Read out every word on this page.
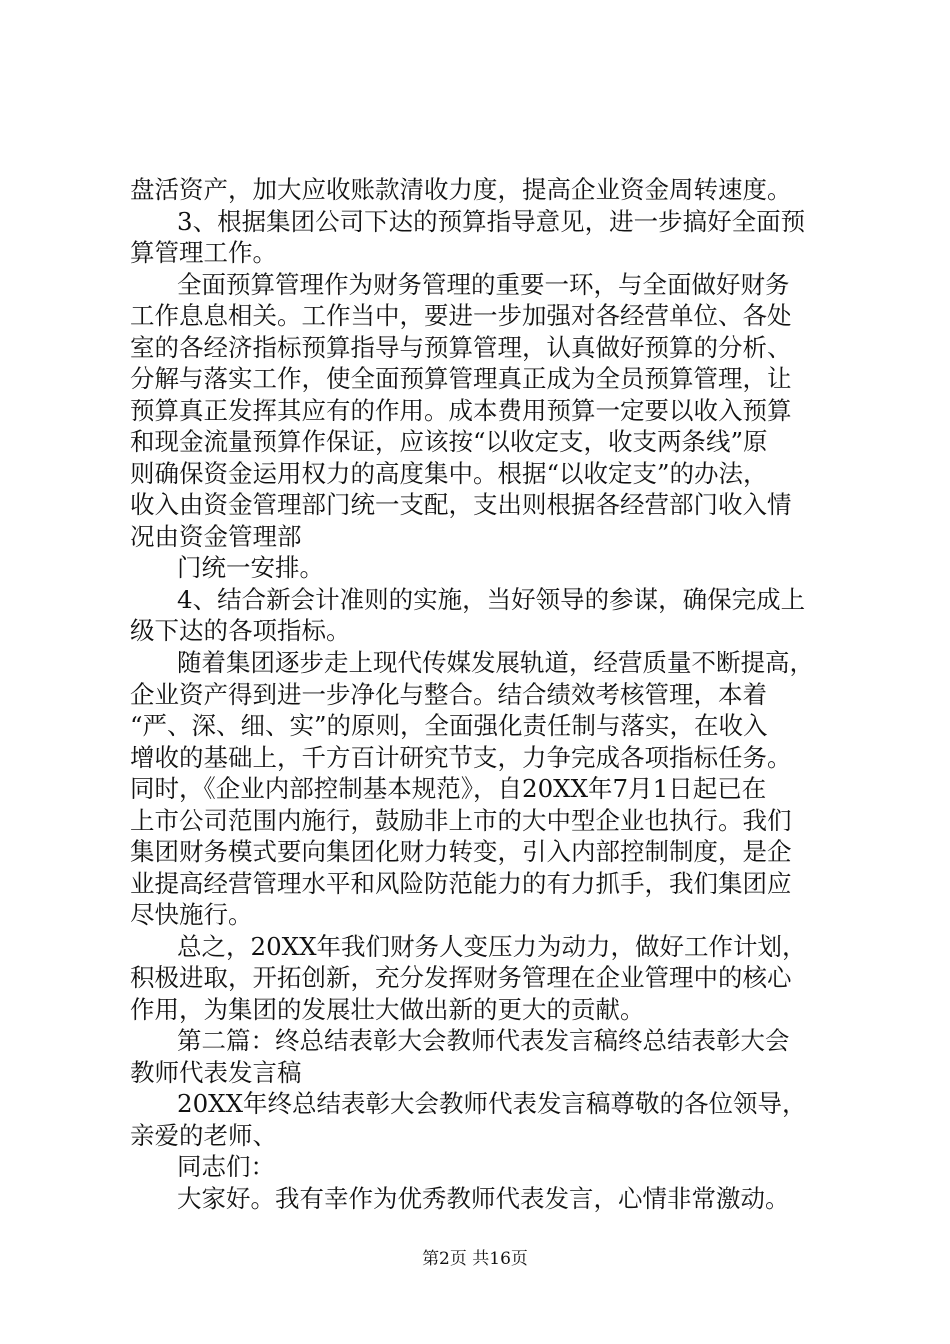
盘活资产，加大应收账款清收力度，提高企业资金周转速度。
3、根据集团公司下达的预算指导意见，进一步搞好全面预
算管理工作。
全面预算管理作为财务管理的重要一环，与全面做好财务
工作息息相关。工作当中，要进一步加强对各经营单位、各处
室的各经济指标预算指导与预算管理，认真做好预算的分析、
分解与落实工作，使全面预算管理真正成为全员预算管理，让
预算真正发挥其应有的作用。成本费用预算一定要以收入预算
和现金流量预算作保证，应该按“以收定支，收支两条线”原
则确保资金运用权力的高度集中。根据“以收定支”的办法，
收入由资金管理部门统一支配，支出则根据各经营部门收入情
况由资金管理部
门统一安排。
4、结合新会计准则的实施，当好领导的参谋，确保完成上
级下达的各项指标。
随着集团逐步走上现代传媒发展轨道，经营质量不断提高，
企业资产得到进一步净化与整合。结合绩效考核管理，本着
“严、深、细、实”的原则，全面强化责任制与落实，在收入
增收的基础上，千方百计研究节支，力争完成各项指标任务。
同时，《企业内部控制基本规范》，自20XX年7月1日起已在
上市公司范围内施行，鼓励非上市的大中型企业也执行。我们
集团财务模式要向集团化财力转变，引入内部控制制度，是企
业提高经营管理水平和风险防范能力的有力抓手，我们集团应
尽快施行。
总之，20XX年我们财务人变压力为动力，做好工作计划，
积极进取，开拓创新，充分发挥财务管理在企业管理中的核心
作用，为集团的发展壮大做出新的更大的贡献。
第二篇：终总结表彰大会教师代表发言稿终总结表彰大会
教师代表发言稿
20XX年终总结表彰大会教师代表发言稿尊敬的各位领导，
亲爱的老师、
同志们：
大家好。我有幸作为优秀教师代表发言，心情非常激动。
第2页 共16页
